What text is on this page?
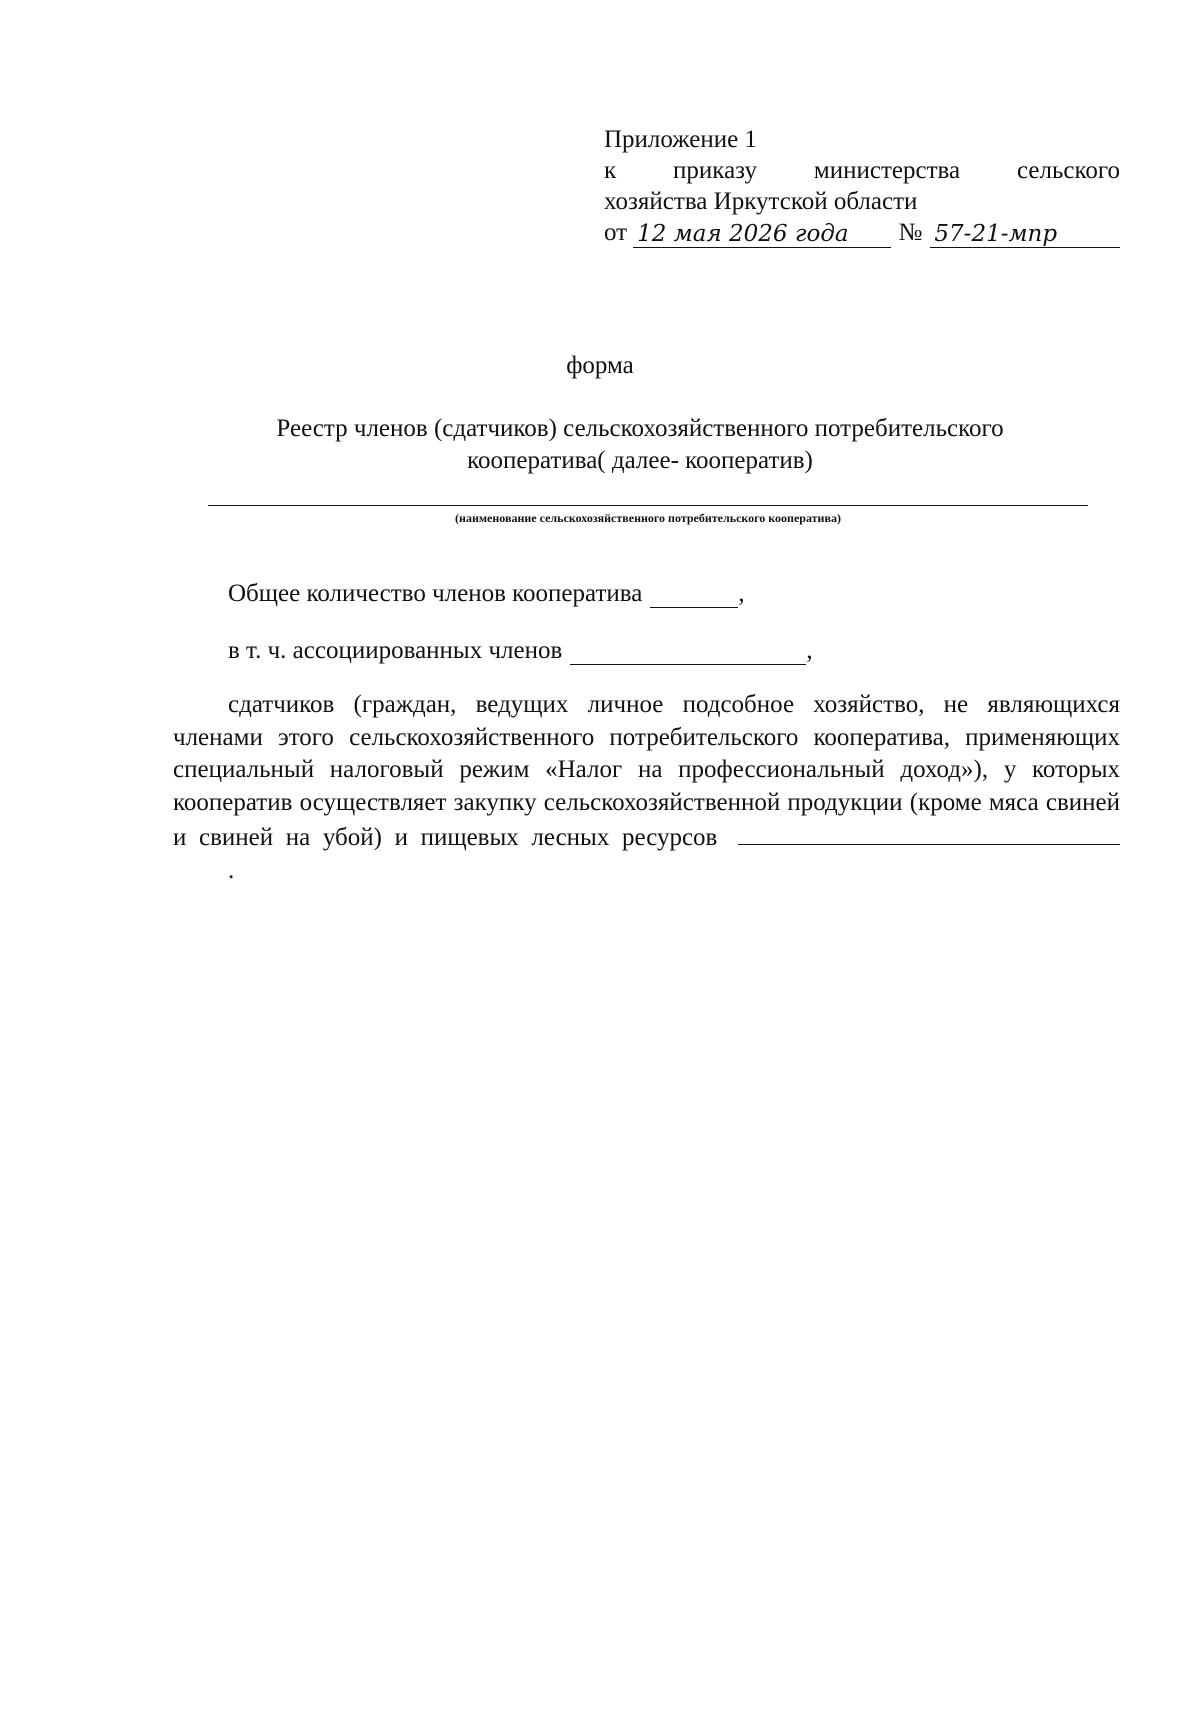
Приложение 1
к приказу министерства сельского
хозяйства Иркутской области
от 12 мая 2026 года	№ 57-21-мпр
форма
Реестр членов (сдатчиков) сельскохозяйственного потребительского
кооператива( далее- кооператив)
(наименование сельскохозяйственного потребительского кооператива)
Общее количество членов кооператива	,
в т. ч. ассоциированных членов	,
сдатчиков (граждан, ведущих личное подсобное хозяйство, не являющихся членами этого сельскохозяйственного потребительского кооператива, применяющих специальный налоговый режим «Налог на профессиональный доход»), у которых кооператив осуществляет закупку сельскохозяйственной продукции (кроме мяса свиней и свиней на убой) и пищевых лесных ресурсов .
